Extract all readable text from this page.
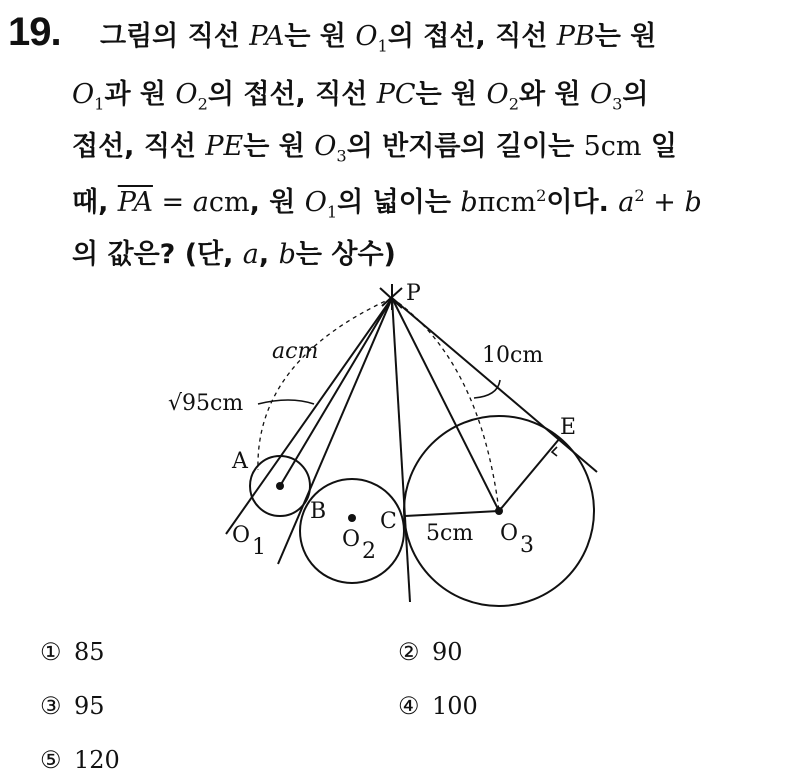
19. 그림의 직선 PA는 원 $O_1$의 접선, 직선 PB는 원
$O_1$과 원 $O_2$의 접선, 직선 PC는 원 $O_2$와 원 $O_3$의
접선, 직선 PE는 원 $O_3$의 반지름의 길이는 5cm 일
때, $\overline{PA}$ = acm, 원 $O_1$의 넓이는 bπcm$^2$이다. $a^2 + b$
의 값은? (단, a, b는 상수)
P
A
B C
E
O 1	O 2
O 3
acm
√95cm
10cm
5cm
① 85	② 90
③ 95	④ 100
⑤ 120
